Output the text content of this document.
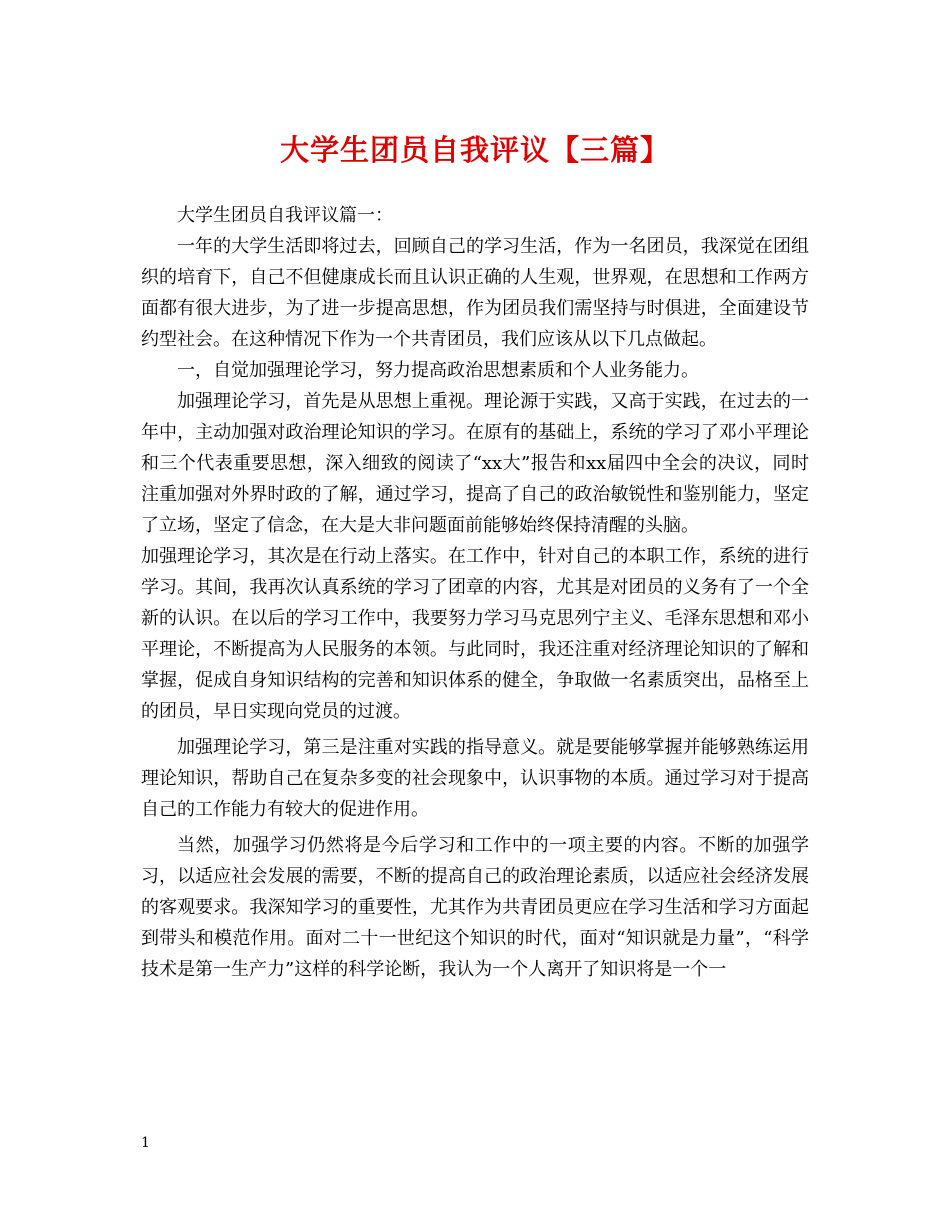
大学生团员自我评议【三篇】

大学生团员自我评议篇一：

一年的大学生活即将过去，回顾自己的学习生活，作为一名团员，我深觉在团组织的培育下，自己不但健康成长而且认识正确的人生观，世界观，在思想和工作两方面都有很大进步，为了进一步提高思想，作为团员我们需坚持与时俱进，全面建设节约型社会。在这种情况下作为一个共青团员，我们应该从以下几点做起。

一，自觉加强理论学习，努力提高政治思想素质和个人业务能力。

加强理论学习，首先是从思想上重视。理论源于实践，又高于实践，在过去的一年中，主动加强对政治理论知识的学习。在原有的基础上，系统的学习了邓小平理论和三个代表重要思想，深入细致的阅读了“xx大”报告和xx届四中全会的决议，同时注重加强对外界时政的了解，通过学习，提高了自己的政治敏锐性和鉴别能力，坚定了立场，坚定了信念，在大是大非问题面前能够始终保持清醒的头脑。

加强理论学习，其次是在行动上落实。在工作中，针对自己的本职工作，系统的进行学习。其间，我再次认真系统的学习了团章的内容，尤其是对团员的义务有了一个全新的认识。在以后的学习工作中，我要努力学习马克思列宁主义、毛泽东思想和邓小平理论，不断提高为人民服务的本领。与此同时，我还注重对经济理论知识的了解和掌握，促成自身知识结构的完善和知识体系的健全，争取做一名素质突出，品格至上的团员，早日实现向党员的过渡。

加强理论学习，第三是注重对实践的指导意义。就是要能够掌握并能够熟练运用理论知识，帮助自己在复杂多变的社会现象中，认识事物的本质。通过学习对于提高自己的工作能力有较大的促进作用。

当然，加强学习仍然将是今后学习和工作中的一项主要的内容。不断的加强学习，以适应社会发展的需要，不断的提高自己的政治理论素质，以适应社会经济发展的客观要求。我深知学习的重要性，尤其作为共青团员更应在学习生活和学习方面起到带头和模范作用。面对二十一世纪这个知识的时代，面对“知识就是力量”，“科学技术是第一生产力”这样的科学论断，我认为一个人离开了知识将是一个一

1
